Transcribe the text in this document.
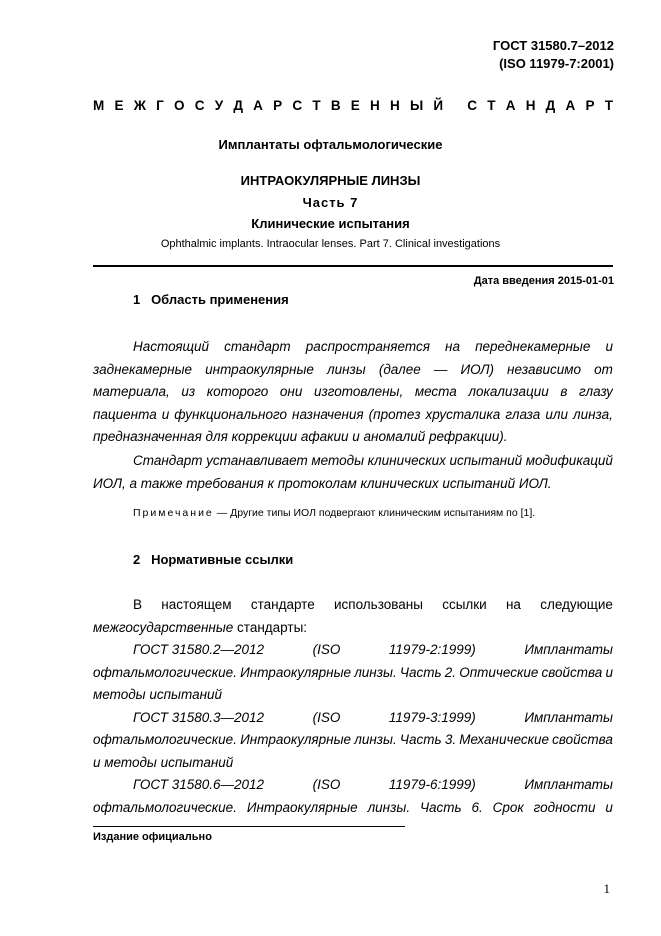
ГОСТ 31580.7–2012
(ISO 11979-7:2001)
М Е Ж Г О С У Д А Р С Т В Е Н Н Ы Й
С Т А Н Д А Р Т
Имплантаты офтальмологические
ИНТРАОКУЛЯРНЫЕ ЛИНЗЫ
Часть 7
Клинические испытания
Ophthalmic implants. Intraocular lenses. Part 7. Clinical investigations
Дата введения 2015-01-01
1   Область применения
Настоящий стандарт распространяется на переднекамерные и
заднекамерные интраокулярные линзы (далее — ИОЛ) независимо от
материала, из которого они изготовлены, места локализации в глазу
пациента и функционального назначения (протез хрусталика глаза или линза,
предназначенная для коррекции афакии и аномалий рефракции).
Стандарт устанавливает методы клинических испытаний модификаций
ИОЛ, а также требования к протоколам клинических испытаний ИОЛ.
Примечание — Другие типы ИОЛ подвергают клиническим испытаниям по [1].
2   Нормативные ссылки
В настоящем стандарте использованы ссылки на следующие
межгосударственные стандарты:
ГОСТ 31580.2—2012	(ISO	11979-2:1999)	Имплантаты
офтальмологические. Интраокулярные линзы. Часть 2. Оптические свойства и
методы испытаний
ГОСТ 31580.3—2012	(ISO	11979-3:1999)	Имплантаты
офтальмологические. Интраокулярные линзы. Часть 3. Механические свойства
и методы испытаний
ГОСТ 31580.6—2012	(ISO	11979-6:1999)	Имплантаты
офтальмологические. Интраокулярные линзы. Часть 6. Срок годности и
Издание официально
1
